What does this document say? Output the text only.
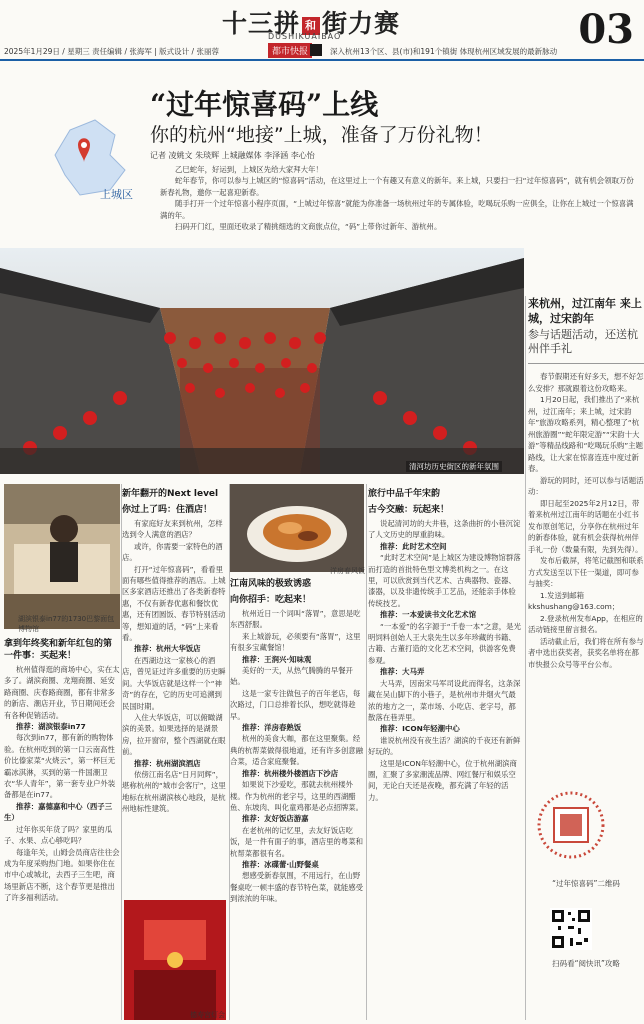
十三拼 和 街力赛
DUSHIKUAIBAO
都市快报	03
2025年1月29日 / 星期三 责任编辑 / 张海军 | 版式设计 / 张丽蓉	深入杭州13个区、县(市)和191个镇街 体现杭州区域发展的最新脉动
上城区
“过年惊喜码”上线
你的杭州“地接”上城，准备了万份礼物！
记者 凌姚文 朱琰辉 上城融媒体 李泽涵 李心怡

乙巳蛇年，好运到，上城区先给大家拜大年！

蛇年春节，你可以参与上城区的“惊喜码”活动，在这里过上一个有趣又有意义的新年。来上城，只要扫一扫“过年惊喜码”，就有机会领取万份新春礼物，邀你一起喜迎新春。

随手打开一个过年惊喜小程序页面，“上城过年惊喜”就能为你准备一场杭州过年的专属体验，吃喝玩乐购一应俱全，让你在上城过一个惊喜满满的年。

扫码开门红，里面还收录了精挑细选的文商旅点位，“码”上带你过新年、游杭州。

清河坊历史街区的新年氛围
来杭州，过江南年 来上城，过宋韵年
参与话题活动，还送杭州伴手礼

春节假期还有好多天，想不好怎么安排？那就跟着这份攻略来。

1月20日起，我们推出了“来杭州，过江南年；来上城，过宋韵年”旅游攻略系列，精心整理了“杭州旅游圈”“蛇年限定游”“宋韵十大游”等精品线路和“吃喝玩乐购”主题路线，让大家在惊喜连连中度过新春。

游玩的同时，还可以参与话题活动：

即日起至2025年2月12日，带着来杭州过江南年的话题在小红书发布原创笔记，分享你在杭州过年的新春体验，就有机会获得杭州伴手礼一份（数量有限，先到先得）。

发布后截屏，将笔记截图和联系方式发送至以下任一渠道，即可参与抽奖：

1.发送到邮箱 kkshushang@163.com；

2.登录杭州发布App，在相应的活动链接里留言报名。

活动截止后，我们将在所有参与者中选出获奖者，获奖名单将在都市快报公众号等平台公布。

“过年惊喜码”二维码
扫码看“阅快讯”攻略
湖滨银泰in77的1730巴黎面包博物馆
拿到年终奖和新年红包的第一件事：买起来！

杭州值得逛的商场中心，实在太多了。湖滨商圈、龙翔商圈、延安路商圈、庆春路商圈，都有非常多的新店、潮店开业，节日期间还会有各种促销活动。

推荐：湖滨银泰in77

每次到in77，都有新的购物体验。在杭州吃到的第一口云南高性价比傣家菜“火烧云”，第一杯巨无霸冰淇淋，买到的第一件国潮卫衣“华人青年”，第一套专业户外装备都是在in77。

推荐：嘉德嘉和中心（西子三生）

过年你买年货了吗？家里的瓜子、水果、点心够吃吗？

每逢年关，山姆会员商店往往会成为年度采购热门地。如果你住在市中心或城北，去西子三生吧，商场里新店不断，这个春节更是推出了许多福利活动。

新年翻开的Next level
你过上了吗：住酒店！

有家庭好友来到杭州，怎样选到令人满意的酒店？

或许，你需要一家特色的酒店。

打开“过年惊喜码”，看看里面有哪些值得推荐的酒店。上城区多家酒店还推出了各类新春特惠，不仅有新春优惠和餐饮优惠，还有团圆饭、春节特别活动等，想知道的话，“码”上来看看。

推荐：杭州大华饭店

在西湖边这一家核心的酒店，曾见证过许多重要的历史瞬间。大华饭店就是这样一个“神奇”的存在，它的历史可追溯到民国时期。

入住大华饭店，可以俯瞰湖滨的美景。如果选择的是湖景房，拉开窗帘，整个西湖就在眼前。

推荐：杭州湖滨酒店

依傍江南名店“日月同辉”，堪称杭州的“城市会客厅”，这里地标在杭州湖滨核心地段，是杭州地标性建筑。

洋房春风饭
江南风味的极致诱惑
向你招手：吃起来！

杭州近日一个词叫“落胃”，意思是吃东西舒服。

来上城游玩，必须要有“落胃”，这里有很多宝藏餐馆！

推荐：王润兴·知味观

美好的一天，从热气腾腾的早餐开始。

这是一家专注做包子的百年老店，每次路过，门口总排着长队，想吃就得趁早。

推荐：洋房春熟饭

杭州的美食大咖，都在这里聚集。经典的杭帮菜做得很地道，还有许多创意融合菜，适合家庭聚餐。

推荐：杭州楼外楼酒店下沙店

如果说下沙爱吃，那就去杭州楼外楼。作为杭州的老字号，这里的西湖醋鱼、东坡肉、叫化童鸡都是必点招牌菜。

推荐：友好饭店游嘉

在老杭州的记忆里，去友好饭店吃饭，是一件有面子的事，酒店里的粤菜和杭帮菜都很有名。

推荐：冰碟蕾·山野餐桌

想感受新春氛围，不用远行，在山野餐桌吃一顿丰盛的春节特色菜，就能感受到浓浓的年味。

德寿宫灯会
旅行中品千年宋韵
古今交融：玩起来！

说起清河坊的大井巷，这条曲折的小巷沉淀了人文历史的厚重韵味。

推荐：此时艺术空间

“此时艺术空间”是上城区为建设博物馆群落而打造的首批特色型文博类机构之一。在这里，可以欣赏到当代艺术、古典器物、瓷器、漆器，以及非遗传统手工艺品，还能亲手体验传统技艺。

推荐：一本爱读书文化艺术馆

“一本爱”的名字源于“千卷一本”之意，是光明饲料创始人王大泉先生以多年珍藏的书籍、古籍、古董打造的文化艺术空间，供游客免费参观。

推荐：大马弄

大马弄，因南宋马军司设此而得名，这条深藏在吴山脚下的小巷子，是杭州市井烟火气最浓的地方之一，菜市场、小吃店、老字号，都散落在巷弄里。

推荐：ICON年轻潮中心

谁说杭州没有夜生活？湖滨的千夜还有新鲜好玩的。

这里是ICON年轻潮中心，位于杭州湖滨商圈，汇聚了多家潮流品牌、网红餐厅和娱乐空间，无论白天还是夜晚，都充满了年轻的活力。
